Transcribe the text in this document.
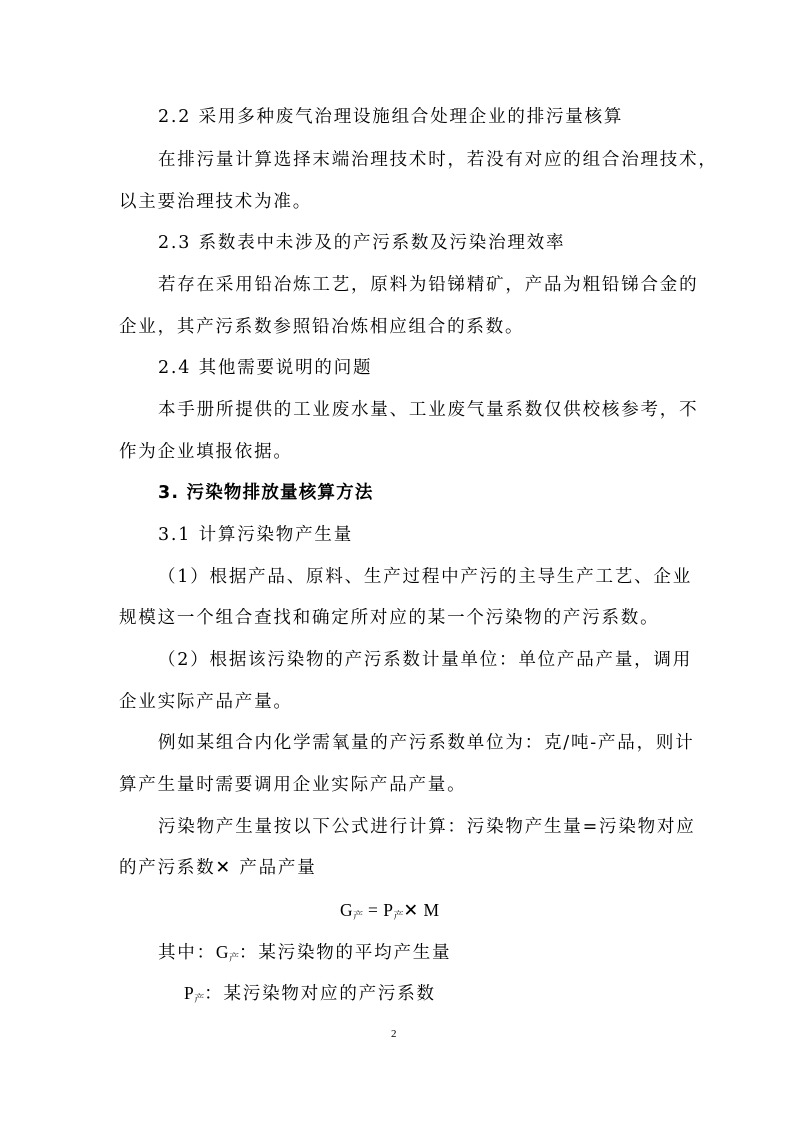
2.2 采用多种废气治理设施组合处理企业的排污量核算
在排污量计算选择末端治理技术时，若没有对应的组合治理技术，
以主要治理技术为准。
2.3 系数表中未涉及的产污系数及污染治理效率
若存在采用铅冶炼工艺，原料为铅锑精矿，产品为粗铅锑合金的
企业，其产污系数参照铅冶炼相应组合的系数。
2.4 其他需要说明的问题
本手册所提供的工业废水量、工业废气量系数仅供校核参考，不
作为企业填报依据。
3. 污染物排放量核算方法
3.1 计算污染物产生量
（1）根据产品、原料、生产过程中产污的主导生产工艺、企业
规模这一个组合查找和确定所对应的某一个污染物的产污系数。
（2）根据该污染物的产污系数计量单位：单位产品产量，调用
企业实际产品产量。
例如某组合内化学需氧量的产污系数单位为：克/吨-产品，则计
算产生量时需要调用企业实际产品产量。
污染物产生量按以下公式进行计算：污染物产生量=污染物对应
的产污系数✕ 产品产量
G产 = P产✕ M
其中：G产：某污染物的平均产生量
P产：某污染物对应的产污系数
2
